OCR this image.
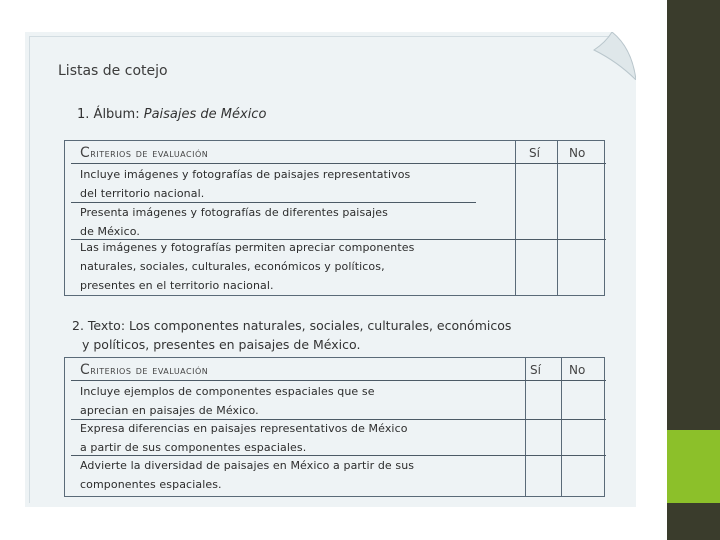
Listas de cotejo
1. Álbum: Paisajes de México
Criterios de evaluación	Sí No
Incluye imágenes y fotografías de paisajes representativos
del territorio nacional.
Presenta imágenes y fotografías de diferentes paisajes
de México.
Las imágenes y fotografías permiten apreciar componentes
naturales, sociales, culturales, económicos y políticos,
presentes en el territorio nacional.
2. Texto: Los componentes naturales, sociales, culturales, económicos
y políticos, presentes en paisajes de México.
Criterios de evaluación	Sí No
Incluye ejemplos de componentes espaciales que se
aprecian en paisajes de México.
Expresa diferencias en paisajes representativos de México
a partir de sus componentes espaciales.
Advierte la diversidad de paisajes en México a partir de sus
componentes espaciales.
